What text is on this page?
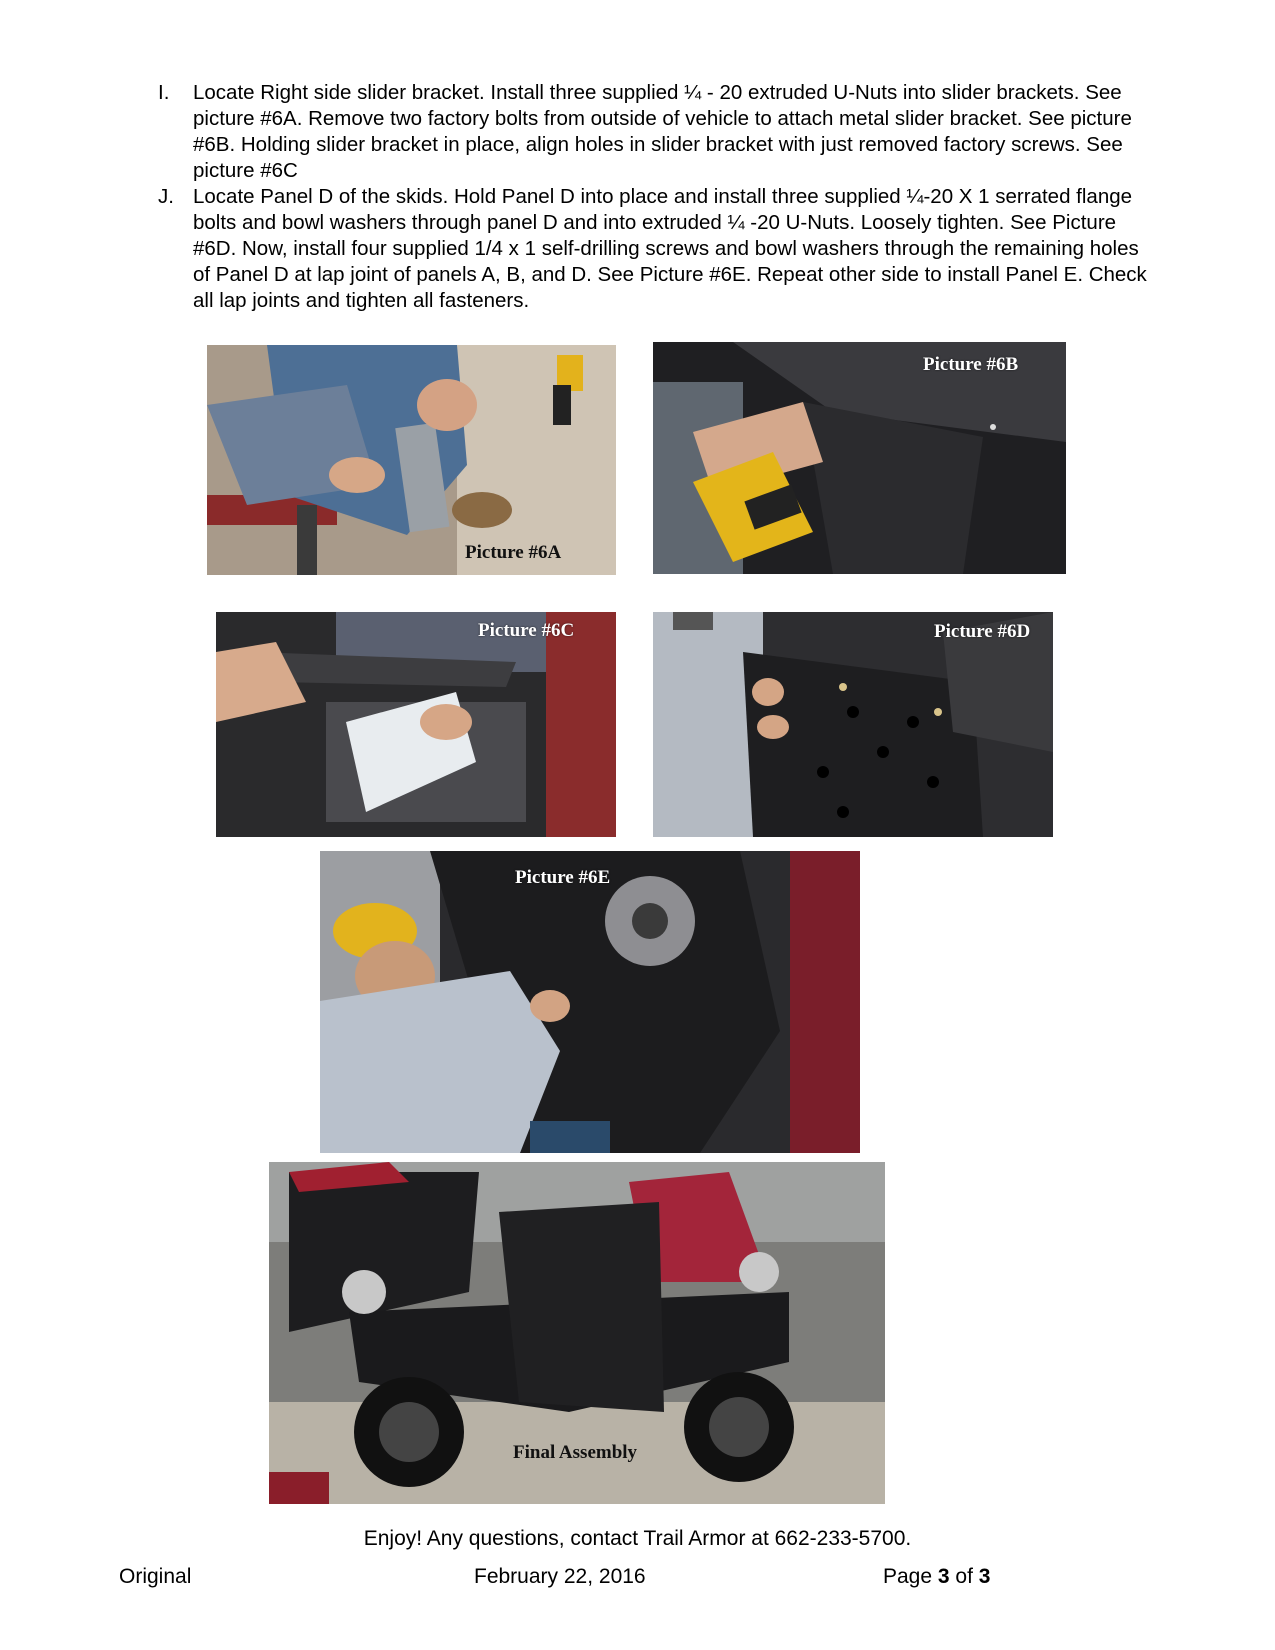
I. Locate Right side slider bracket. Install three supplied ¼ - 20 extruded U-Nuts into slider brackets. See picture #6A. Remove two factory bolts from outside of vehicle to attach metal slider bracket. See picture #6B. Holding slider bracket in place, align holes in slider bracket with just removed factory screws. See picture #6C
J. Locate Panel D of the skids. Hold Panel D into place and install three supplied ¼-20 X 1 serrated flange bolts and bowl washers through panel D and into extruded ¼ -20 U-Nuts. Loosely tighten. See Picture #6D. Now, install four supplied 1/4 x 1 self-drilling screws and bowl washers through the remaining holes of Panel D at lap joint of panels A, B, and D. See Picture #6E. Repeat other side to install Panel E. Check all lap joints and tighten all fasteners.
Picture #6A
Picture #6B
Picture #6C	Picture #6D
Picture #6E
Final Assembly
Enjoy! Any questions, contact Trail Armor at 662-233-5700.
Original	February 22, 2016	Page 3 of 3
